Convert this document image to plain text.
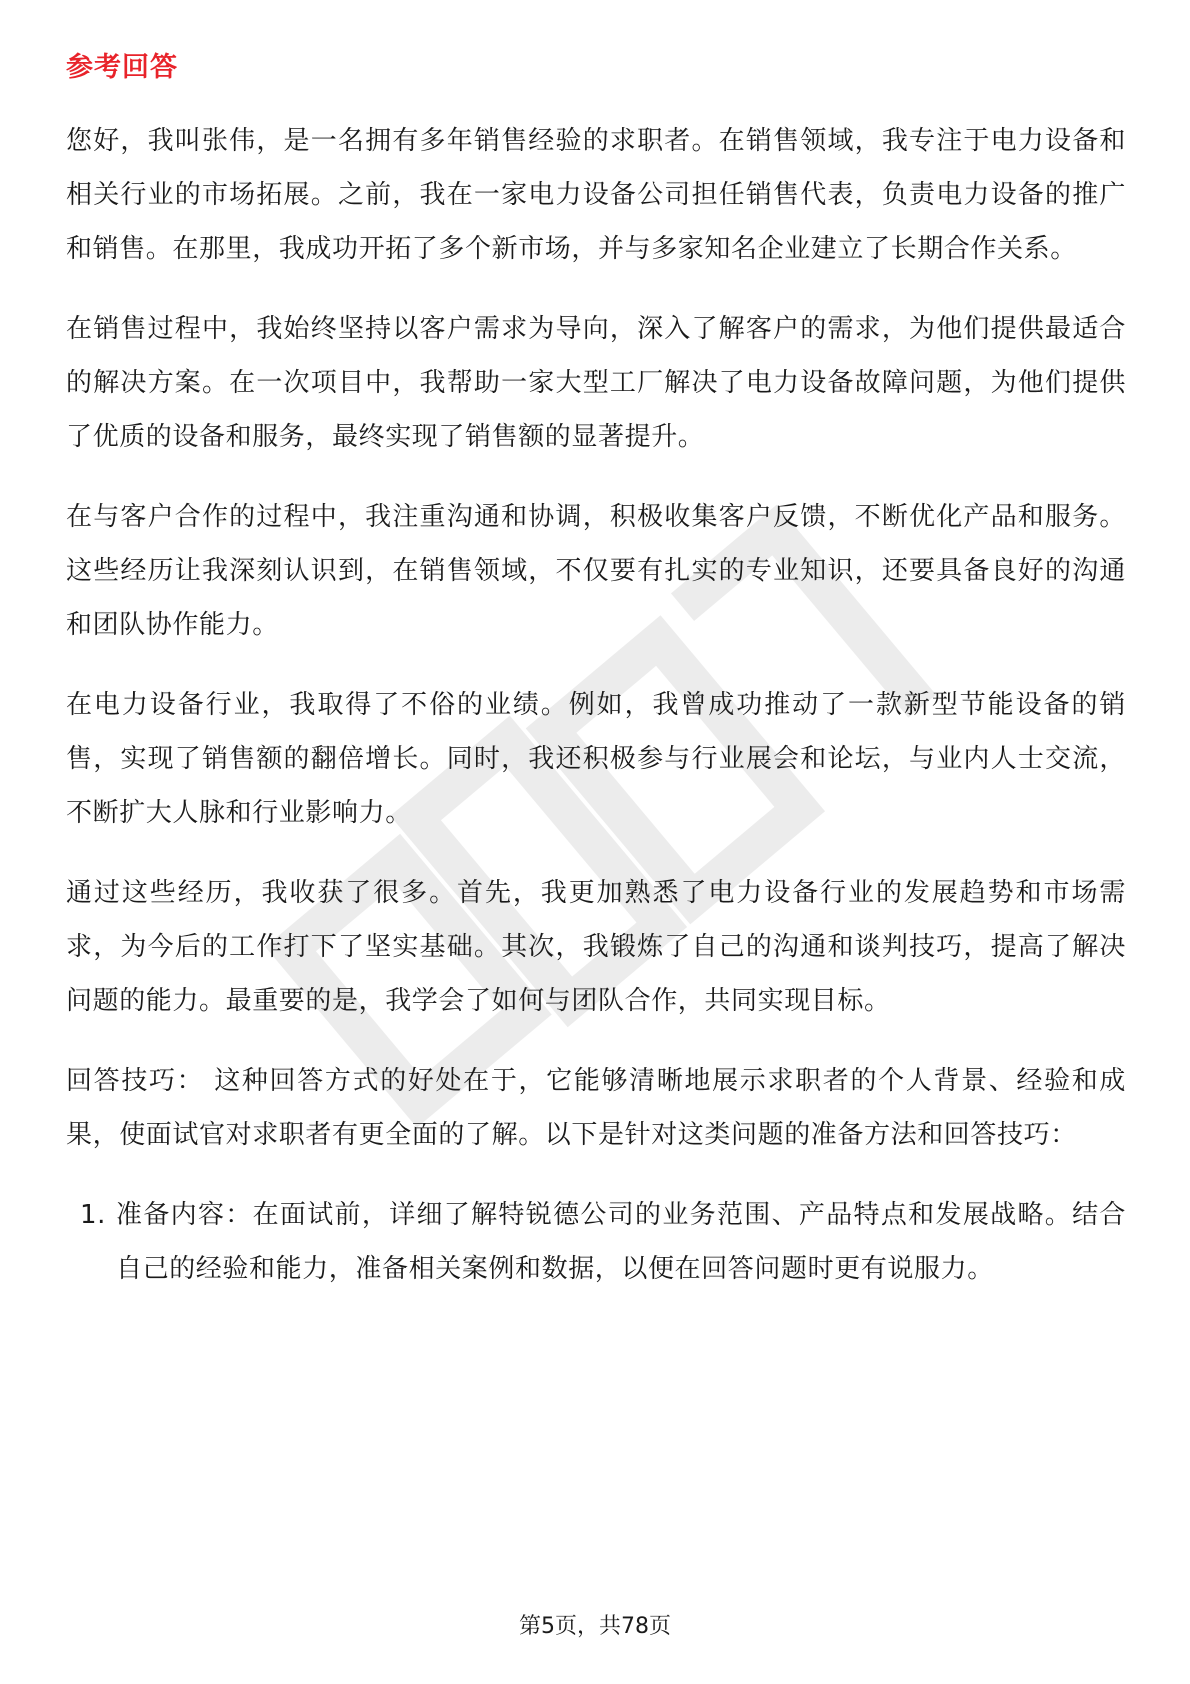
参考回答

您好，我叫张伟，是一名拥有多年销售经验的求职者。在销售领域，我专注于电力设备和相关行业的市场拓展。之前，我在一家电力设备公司担任销售代表，负责电力设备的推广和销售。在那里，我成功开拓了多个新市场，并与多家知名企业建立了长期合作关系。

在销售过程中，我始终坚持以客户需求为导向，深入了解客户的需求，为他们提供最适合的解决方案。在一次项目中，我帮助一家大型工厂解决了电力设备故障问题，为他们提供了优质的设备和服务，最终实现了销售额的显著提升。

在与客户合作的过程中，我注重沟通和协调，积极收集客户反馈，不断优化产品和服务。这些经历让我深刻认识到，在销售领域，不仅要有扎实的专业知识，还要具备良好的沟通和团队协作能力。

在电力设备行业，我取得了不俗的业绩。例如，我曾成功推动了一款新型节能设备的销售，实现了销售额的翻倍增长。同时，我还积极参与行业展会和论坛，与业内人士交流，不断扩大人脉和行业影响力。

通过这些经历，我收获了很多。首先，我更加熟悉了电力设备行业的发展趋势和市场需求，为今后的工作打下了坚实基础。其次，我锻炼了自己的沟通和谈判技巧，提高了解决问题的能力。最重要的是，我学会了如何与团队合作，共同实现目标。

回答技巧： 这种回答方式的好处在于，它能够清晰地展示求职者的个人背景、经验和成果，使面试官对求职者有更全面的了解。以下是针对这类问题的准备方法和回答技巧：

1. 准备内容：在面试前，详细了解特锐德公司的业务范围、产品特点和发展战略。结合自己的经验和能力，准备相关案例和数据，以便在回答问题时更有说服力。
第5页，共78页
